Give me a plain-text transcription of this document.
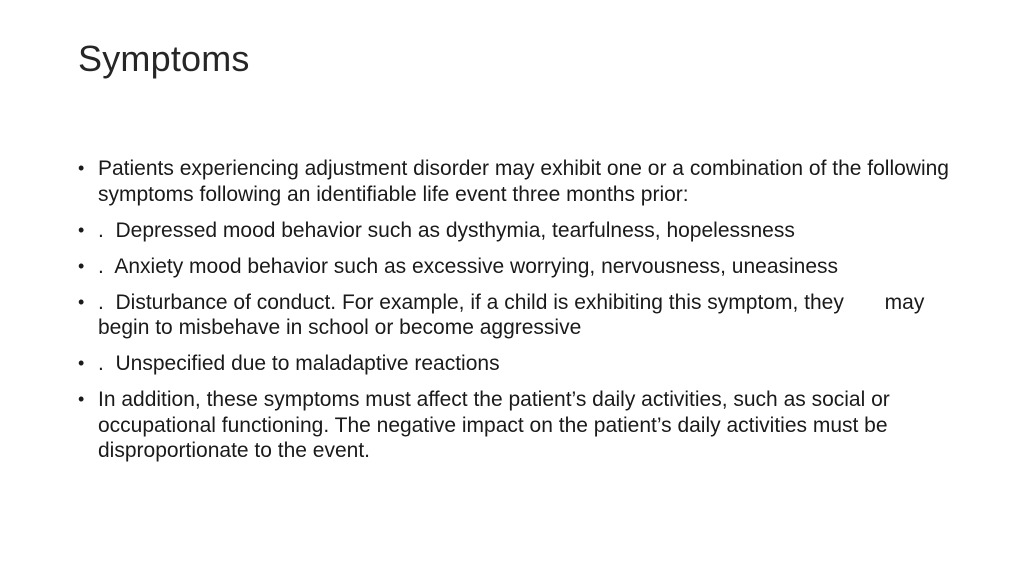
Symptoms
• Patients experiencing adjustment disorder may exhibit one or a combination of the following symptoms following an identifiable life event three months prior:
• .  Depressed mood behavior such as dysthymia, tearfulness, hopelessness
• .  Anxiety mood behavior such as excessive worrying, nervousness, uneasiness
• .  Disturbance of conduct. For example, if a child is exhibiting this symptom, they       may begin to misbehave in school or become aggressive
• .  Unspecified due to maladaptive reactions
• In addition, these symptoms must affect the patient’s daily activities, such as social or occupational functioning. The negative impact on the patient’s daily activities must be disproportionate to the event.
